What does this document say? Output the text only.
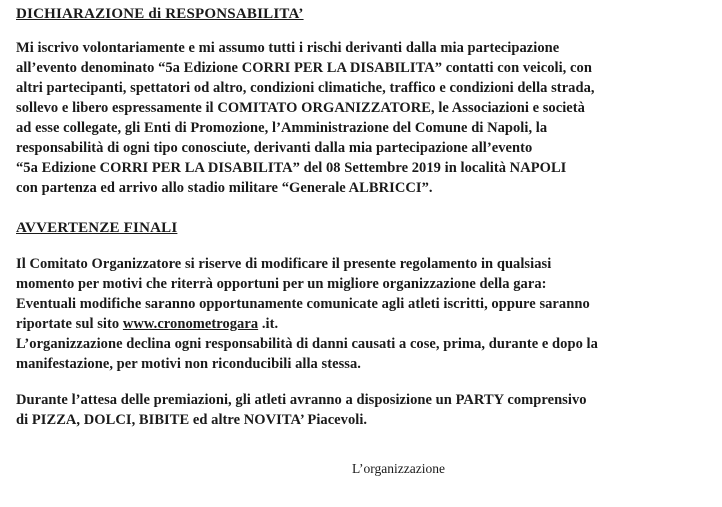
DICHIARAZIONE di RESPONSABILITA’
Mi iscrivo volontariamente e mi assumo tutti i rischi derivanti dalla mia partecipazione
all’evento denominato “5a Edizione CORRI PER LA DISABILITA” contatti con veicoli, con
altri partecipanti, spettatori od altro, condizioni climatiche, traffico e condizioni della strada,
sollevo e libero espressamente il COMITATO ORGANIZZATORE, le Associazioni e società
ad esse collegate, gli Enti di Promozione, l’Amministrazione del Comune di Napoli, la
responsabilità di ogni tipo conosciute, derivanti dalla mia partecipazione all’evento
“5a Edizione CORRI PER LA DISABILITA” del 08 Settembre 2019 in località NAPOLI
con partenza ed arrivo allo stadio militare “Generale ALBRICCI”.
AVVERTENZE FINALI
Il Comitato Organizzatore si riserve di modificare il presente regolamento in qualsiasi
momento per motivi che riterrà opportuni per un migliore organizzazione della gara:
Eventuali modifiche saranno opportunamente comunicate agli atleti iscritti, oppure saranno
riportate sul sito www.cronometrogara .it.
L’organizzazione declina ogni responsabilità di danni causati a cose, prima, durante e dopo la
manifestazione, per motivi non riconducibili alla stessa.
Durante l’attesa delle premiazioni, gli atleti avranno a disposizione un PARTY comprensivo
di PIZZA, DOLCI, BIBITE ed altre NOVITA’ Piacevoli.
L’organizzazione
